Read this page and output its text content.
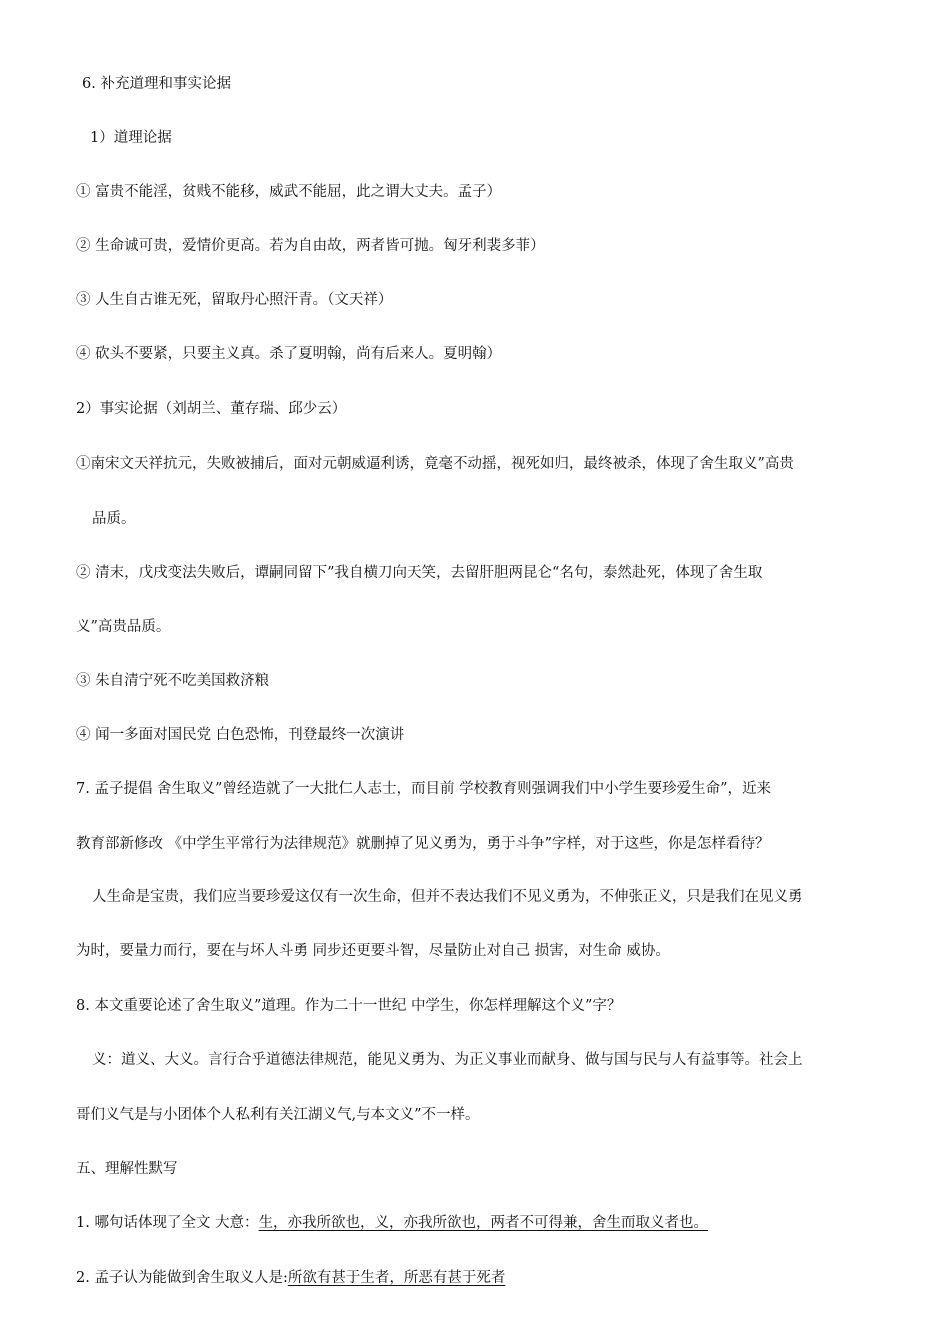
6. 补充道理和事实论据
1）道理论据
① 富贵不能淫，贫贱不能移，威武不能屈，此之谓大丈夫。孟子）
② 生命诚可贵，爱情价更高。若为自由故，两者皆可抛。匈牙利裴多菲）
③ 人生自古谁无死，留取丹心照汗青。（文天祥）
④ 砍头不要紧，只要主义真。杀了夏明翰，尚有后来人。夏明翰）
2）事实论据（刘胡兰、董存瑞、邱少云）
①南宋文天祥抗元，失败被捕后，面对元朝威逼利诱，竟毫不动摇，视死如归，最终被杀，体现了舍生取义”高贵
品质。
② 清末，戊戌变法失败后，谭嗣同留下”我自横刀向天笑，去留肝胆两昆仑“名句，泰然赴死，体现了舍生取
义”高贵品质。
③ 朱自清宁死不吃美国救济粮
④ 闻一多面对国民党 白色恐怖，刊登最终一次演讲
7. 孟子提倡 舍生取义”曾经造就了一大批仁人志士，而目前 学校教育则强调我们中小学生要珍爱生命”，近来
教育部新修改 《中学生平常行为法律规范》就删掉了见义勇为，勇于斗争”字样，对于这些，你是怎样看待？
人生命是宝贵，我们应当要珍爱这仅有一次生命，但并不表达我们不见义勇为，不伸张正义，只是我们在见义勇
为时，要量力而行，要在与坏人斗勇 同步还更要斗智，尽量防止对自己 损害，对生命 威协。
8. 本文重要论述了舍生取义”道理。作为二十一世纪 中学生，你怎样理解这个义”字？
义：道义、大义。言行合乎道德法律规范，能见义勇为、为正义事业而献身、做与国与民与人有益事等。社会上
哥们义气是与小团体个人私利有关江湖义气,与本文义”不一样。
五、理解性默写
1. 哪句话体现了全文 大意：生，亦我所欲也，义，亦我所欲也，两者不可得兼，舍生而取义者也。
2. 孟子认为能做到舍生取义人是:所欲有甚于生者，所恶有甚于死者
